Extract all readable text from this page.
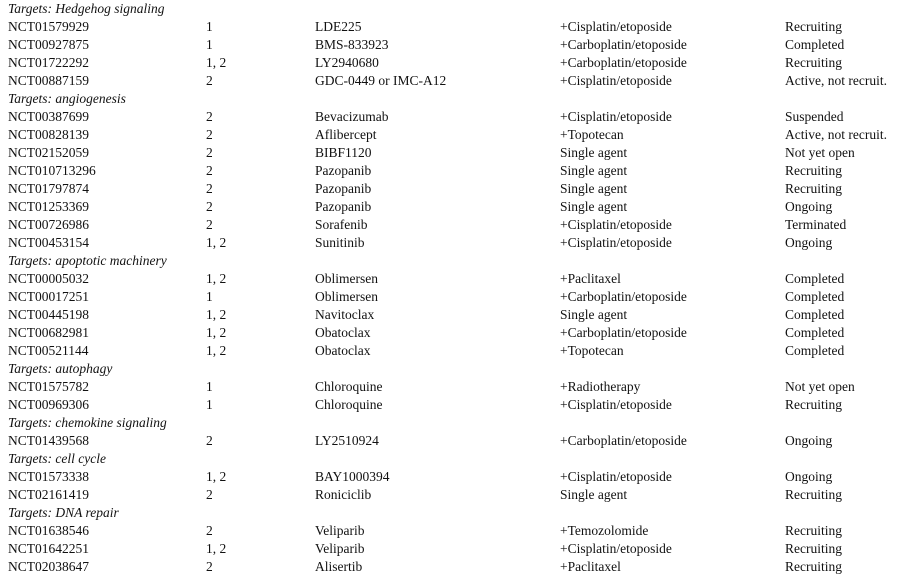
Targets: Hedgehog signaling
NCT01579929	1	LDE225	+Cisplatin/etoposide	Recruiting
NCT00927875	1	BMS-833923	+Carboplatin/etoposide	Completed
NCT01722292	1, 2	LY2940680	+Carboplatin/etoposide	Recruiting
NCT00887159	2	GDC-0449 or IMC-A12	+Cisplatin/etoposide	Active, not recruit.
Targets: angiogenesis
NCT00387699	2	Bevacizumab	+Cisplatin/etoposide	Suspended
NCT00828139	2	Aflibercept	+Topotecan	Active, not recruit.
NCT02152059	2	BIBF1120	Single agent	Not yet open
NCT010713296	2	Pazopanib	Single agent	Recruiting
NCT01797874	2	Pazopanib	Single agent	Recruiting
NCT01253369	2	Pazopanib	Single agent	Ongoing
NCT00726986	2	Sorafenib	+Cisplatin/etoposide	Terminated
NCT00453154	1, 2	Sunitinib	+Cisplatin/etoposide	Ongoing
Targets: apoptotic machinery
NCT00005032	1, 2	Oblimersen	+Paclitaxel	Completed
NCT00017251	1	Oblimersen	+Carboplatin/etoposide	Completed
NCT00445198	1, 2	Navitoclax	Single agent	Completed
NCT00682981	1, 2	Obatoclax	+Carboplatin/etoposide	Completed
NCT00521144	1, 2	Obatoclax	+Topotecan	Completed
Targets: autophagy
NCT01575782	1	Chloroquine	+Radiotherapy	Not yet open
NCT00969306	1	Chloroquine	+Cisplatin/etoposide	Recruiting
Targets: chemokine signaling
NCT01439568	2	LY2510924	+Carboplatin/etoposide	Ongoing
Targets: cell cycle
NCT01573338	1, 2	BAY1000394	+Cisplatin/etoposide	Ongoing
NCT02161419	2	Roniciclib	Single agent	Recruiting
Targets: DNA repair
NCT01638546	2	Veliparib	+Temozolomide	Recruiting
NCT01642251	1, 2	Veliparib	+Cisplatin/etoposide	Recruiting
NCT02038647	2	Alisertib	+Paclitaxel	Recruiting
